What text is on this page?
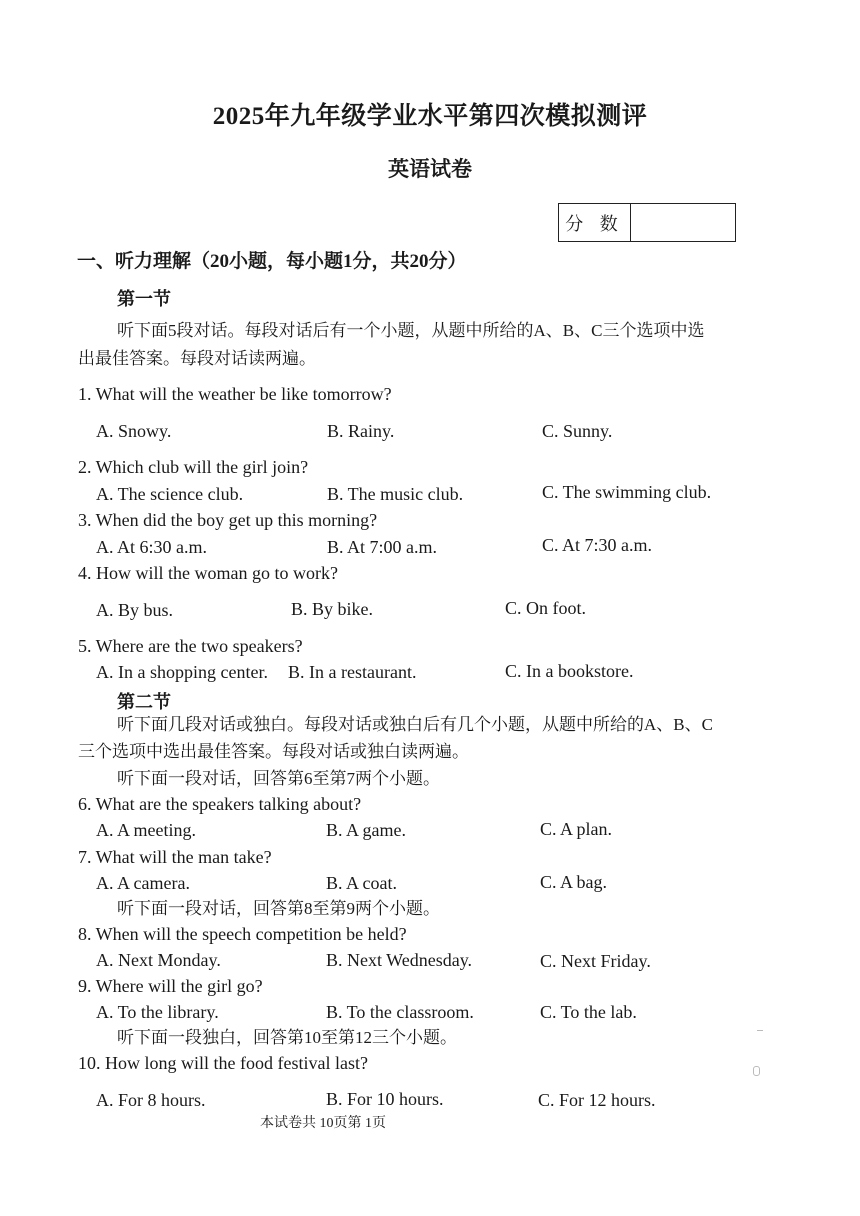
2025年九年级学业水平第四次模拟测评
英语试卷
分 数
一、听力理解（20小题，每小题1分，共20分）
第一节
听下面5段对话。每段对话后有一个小题，从题中所给的A、B、C三个选项中选
出最佳答案。每段对话读两遍。
1. What will the weather be like tomorrow?
A. Snowy.	B. Rainy.	C. Sunny.
2. Which club will the girl join?
A. The science club.	B. The music club.	C. The swimming club.
3. When did the boy get up this morning?
A. At 6:30 a.m.	B. At 7:00 a.m.	C. At 7:30 a.m.
4. How will the woman go to work?
A. By bus.	B. By bike.	C. On foot.
5. Where are the two speakers?
A. In a shopping center. B. In a restaurant.	C. In a bookstore.
第二节
听下面几段对话或独白。每段对话或独白后有几个小题，从题中所给的A、B、C
三个选项中选出最佳答案。每段对话或独白读两遍。
听下面一段对话，回答第6至第7两个小题。
6. What are the speakers talking about?
A. A meeting.	B. A game.	C. A plan.
7. What will the man take?
A. A camera.	B. A coat.	C. A bag.
听下面一段对话，回答第8至第9两个小题。
8. When will the speech competition be held?
A. Next Monday.	B. Next Wednesday.	C. Next Friday.
9. Where will the girl go?
A. To the library.	B. To the classroom.	C. To the lab.
听下面一段独白，回答第10至第12三个小题。
10. How long will the food festival last?
A. For 8 hours.	B. For 10 hours.	C. For 12 hours.
本试卷共 10页第 1页
